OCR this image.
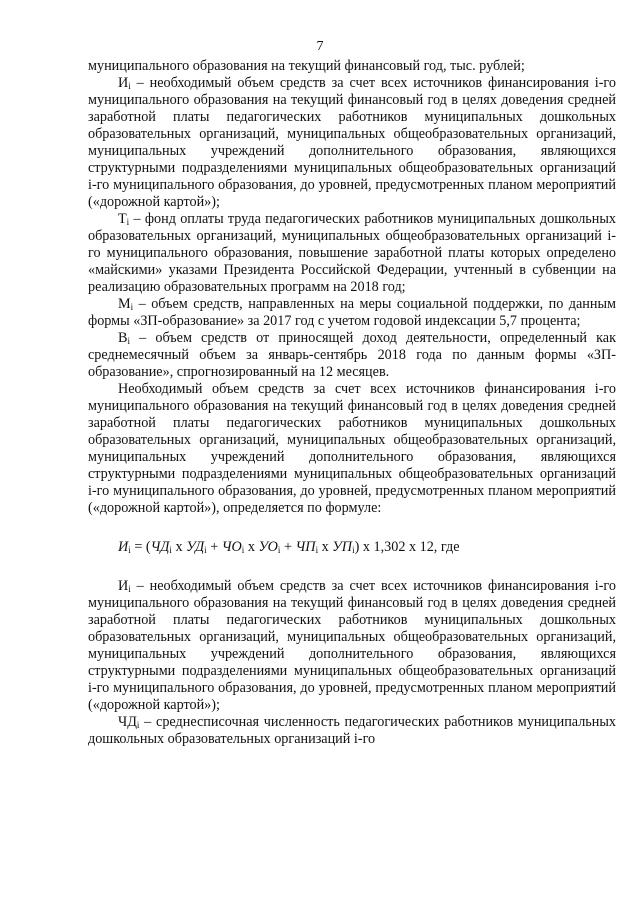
7

муниципального образования на текущий финансовый год, тыс. рублей;

$И_i$ – необходимый объем средств за счет всех источников финансирования i-го муниципального образования на текущий финансовый год в целях доведения средней заработной платы педагогических работников муниципальных дошкольных образовательных организаций, муниципальных общеобразовательных организаций, муниципальных учреждений дополнительного образования, являющихся структурными подразделениями муниципальных общеобразовательных организаций i-го муниципального образования, до уровней, предусмотренных планом мероприятий («дорожной картой»);

$Т_i$ – фонд оплаты труда педагогических работников муниципальных дошкольных образовательных организаций, муниципальных общеобразовательных организаций i-го муниципального образования, повышение заработной платы которых определено «майскими» указами Президента Российской Федерации, учтенный в субвенции на реализацию образовательных программ на 2018 год;

$М_i$ – объем средств, направленных на меры социальной поддержки, по данным формы «ЗП-образование» за 2017 год с учетом годовой индексации 5,7 процента;

$В_i$ – объем средств от приносящей доход деятельности, определенный как среднемесячный объем за январь-сентябрь 2018 года по данным формы «ЗП-образование», спрогнозированный на 12 месяцев.

Необходимый объем средств за счет всех источников финансирования i-го муниципального образования на текущий финансовый год в целях доведения средней заработной платы педагогических работников муниципальных дошкольных образовательных организаций, муниципальных общеобразовательных организаций, муниципальных учреждений дополнительного образования, являющихся структурными подразделениями муниципальных общеобразовательных организаций i-го муниципального образования, до уровней, предусмотренных планом мероприятий («дорожной картой»), определяется по формуле:

$И_i = (ЧД_i$ х $УД_i + ЧО_i$ х $УО_i + ЧП_i$ х $УП_i$) х 1,302 х 12, где

$И_i$ – необходимый объем средств за счет всех источников финансирования i-го муниципального образования на текущий финансовый год в целях доведения средней заработной платы педагогических работников муниципальных дошкольных образовательных организаций, муниципальных общеобразовательных организаций, муниципальных учреждений дополнительного образования, являющихся структурными подразделениями муниципальных общеобразовательных организаций i-го муниципального образования, до уровней, предусмотренных планом мероприятий («дорожной картой»);

$ЧД_i$ – среднесписочная численность педагогических работников муниципальных дошкольных образовательных организаций i-го
